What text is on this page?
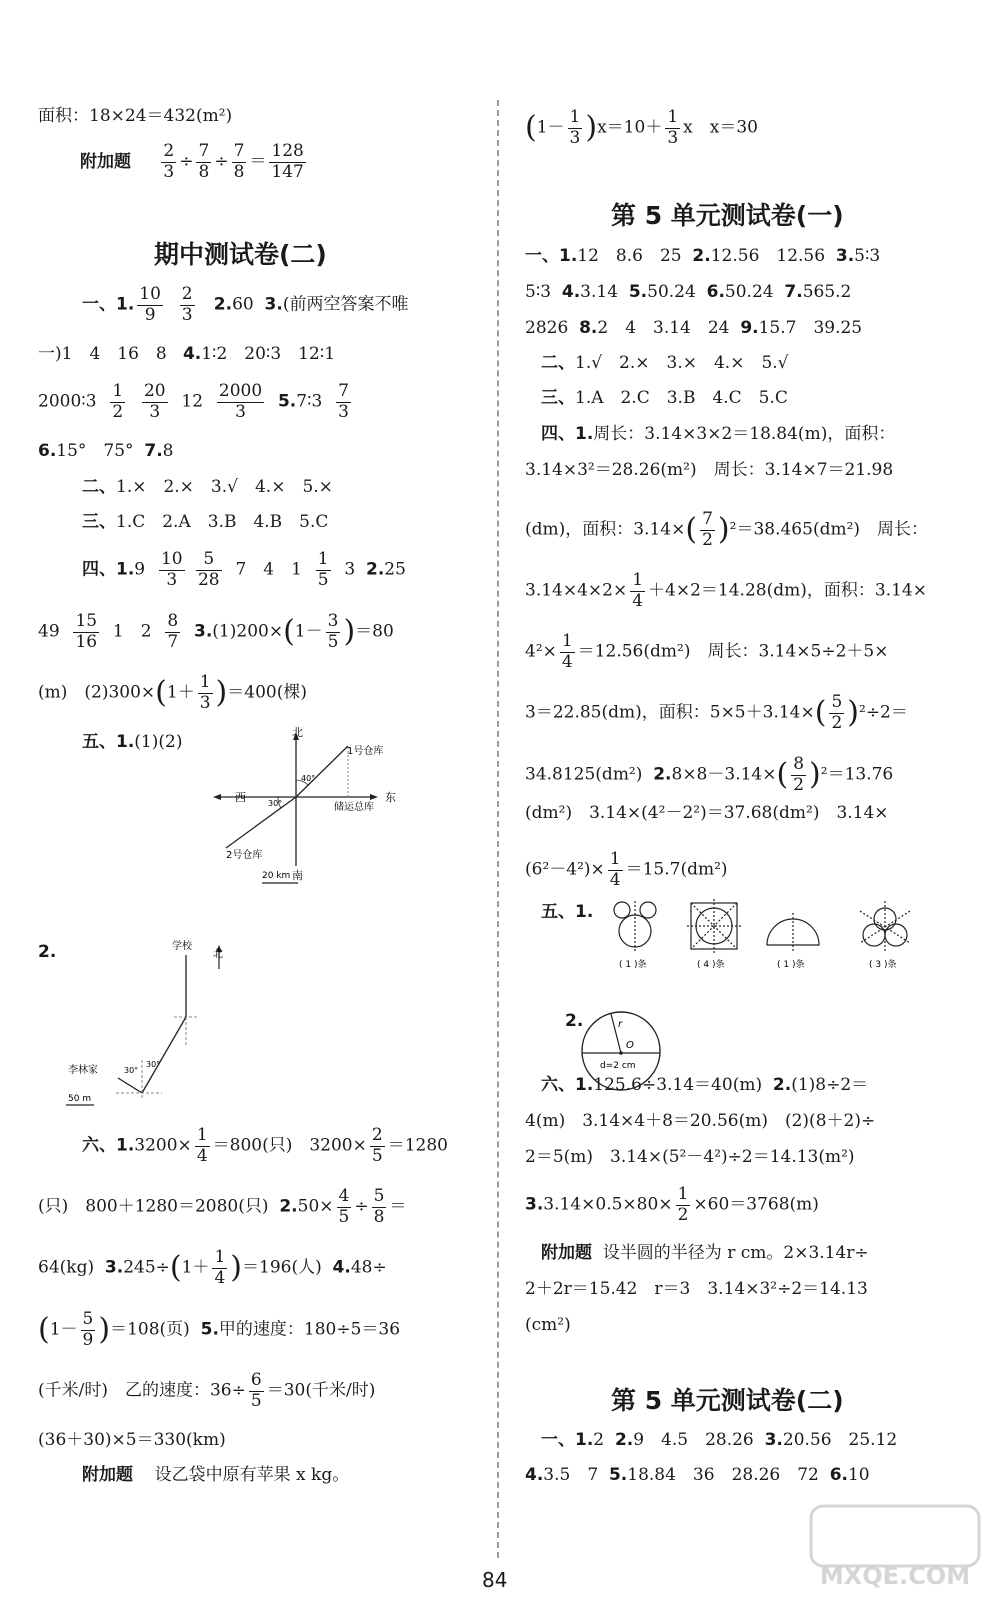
面积：18×24＝432(m²)
附加题 $\frac{2}{3} \div \frac{7}{8} \div \frac{7}{8} = \frac{128}{147}$
期中测试卷(二)
一、1. $\frac{10}{9}$
$\frac{2}{3} 2.60$ 3.(前两空答案不唯
一)1　4　16　8 4.1∶2　20∶3　12∶1
2000∶3 $\frac{1}{2}$
$\frac{20}{3} 12 \frac{2000}{3}$ 5.7∶3 $\frac{7}{3}$
6.15°　75° 7.8
二、1.×　2.×　3.√　4.×　5.×
三、1.C　2.A　3.B　4.B　5.C
四、$1.9 \frac{10}{3}$
$\frac{5}{28} 7$　4　$1 \frac{1}{5} 3$ 2.25
$49 \frac{15}{16} 1$　$2 \frac{8}{7} 3.(1)200\times(1- \frac{3}{5} )=80$
(m)　$(2)300\times(1+ \frac{1}{3} )=400$(棵)
五、1.(1)(2)	北
南
西	东
1号仓库
2号仓库
储运总库
40°
30°
20 km
2.	学校
北
李林家
30°
30°
50 m
六、$1.3200\times \frac{1}{4} =800$(只)　$3200\times \frac{2}{5} =1280$
(只)　800＋1280＝2080(只) $2.50\times \frac{4}{5} \div \frac{5}{8}$ ＝
64(kg) $3.245\div(1+ \frac{1}{4} )=196$(人) 4.48÷
$(1- \frac{5}{9} )=108$(页) 5.甲的速度：180÷5＝36
(千米/时)　乙的速度：$36\div \frac{6}{5} =30$(千米/时)
(36＋30)×5＝330(km)
附加题 设乙袋中原有苹果 x kg。
$(1- \frac{1}{3} )x=10+ \frac{1}{3}$ x　x＝30
第 5 单元测试卷(一)
一、1.12　8.6　25 2.12.56　12.56 3.5∶3
5∶3 4.3.14 5.50.24 6.50.24 7.565.2
2826 8.2　4　3.14　24 9.15.7　39.25
二、1.√　2.×　3.×　4.×　5.√
三、1.A　2.C　3.B　4.C　5.C
四、1.周长：3.14×3×2＝18.84(m)，面积：
3.14×3²＝28.26(m²)　周长：3.14×7＝21.98
(dm)，面积：$3.14\times( \frac{7}{2} )^2=38.465(dm^2)$　周长：
$3.14\times 4\times 2\times \frac{1}{4} +4\times 2=14.28(dm)$，面积：3.14×
$4^2\times \frac{1}{4} =12.56(dm^2)$　周长：3.14×5÷2＋5×
3＝22.85(dm)，面积：$5\times 5+3.14\times( \frac{5}{2} )^2\div 2=$
34.8125(dm²) $2.8\times 8-3.14\times( \frac{8}{2} )^2=13.76$
(dm²)　3.14×(4²－2²)＝37.68(dm²)　3.14×
$(6^2-4^2)\times \frac{1}{4} =15.7(dm^2)$
五、1.
( 1 )条	( 4 )条	( 1 )条	( 3 )条
2.	r
O
d=2 cm
六、1.125.6÷3.14＝40(m) 2.(1)8÷2＝
4(m)　3.14×4＋8＝20.56(m)　(2)(8＋2)÷
2＝5(m)　3.14×(5²－4²)÷2＝14.13(m²)
$3.3.14\times 0.5\times 80\times \frac{1}{2} \times 60=3768(m)$
附加题 设半圆的半径为 r cm。2×3.14r÷
2＋2r＝15.42　r＝3　3.14×3²÷2＝14.13
(cm²)
第 5 单元测试卷(二)
一、1.2 2.9　4.5　28.26 3.20.56　25.12
4.3.5　7 5.18.84　36　28.26　72 6.10
MXQE.COM
84
